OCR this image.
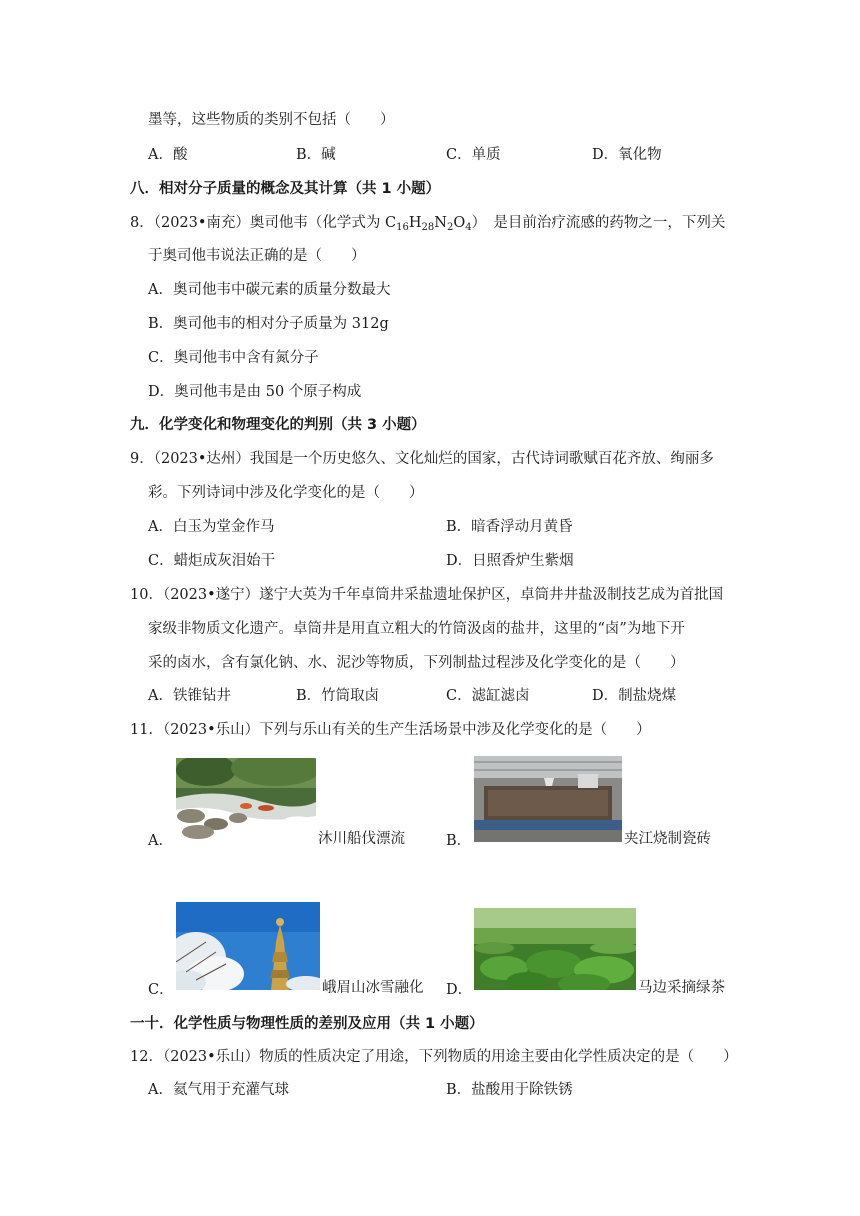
墨等，这些物质的类别不包括（　　）
A．酸	B．碱	C．单质	D．氧化物
八．相对分子质量的概念及其计算（共 1 小题）
8．（2023•南充）奥司他韦（化学式为 $C_{16}H_{28}N_2O_4$）　是目前治疗流感的药物之一，下列关
于奥司他韦说法正确的是（　　）
A．奥司他韦中碳元素的质量分数最大
B．奥司他韦的相对分子质量为 312g
C．奥司他韦中含有氮分子
D．奥司他韦是由 50 个原子构成
九．化学变化和物理变化的判别（共 3 小题）
9．（2023•达州）我国是一个历史悠久、文化灿烂的国家，古代诗词歌赋百花齐放、绚丽多
彩。下列诗词中涉及化学变化的是（　　）
A．白玉为堂金作马	B．暗香浮动月黄昏
C．蜡炬成灰泪始干	D．日照香炉生紫烟
10．（2023•遂宁）遂宁大英为千年卓筒井采盐遗址保护区，卓筒井井盐汲制技艺成为首批国
家级非物质文化遗产。卓筒井是用直立粗大的竹筒汲卤的盐井，这里的“卤”为地下开
采的卤水，含有氯化钠、水、泥沙等物质，下列制盐过程涉及化学变化的是（　　）
A．铁锥钻井	B．竹筒取卤	C．滤缸滤卤	D．制盐烧煤
11．（2023•乐山）下列与乐山有关的生产生活场景中涉及化学变化的是（　　）
A．	沐川船伐漂流	B．	夹江烧制瓷砖
C．	峨眉山冰雪融化 D．	马边采摘绿茶
一十．化学性质与物理性质的差别及应用（共 1 小题）
12．（2023•乐山）物质的性质决定了用途，下列物质的用途主要由化学性质决定的是（　　）
A．氦气用于充灌气球	B．盐酸用于除铁锈
